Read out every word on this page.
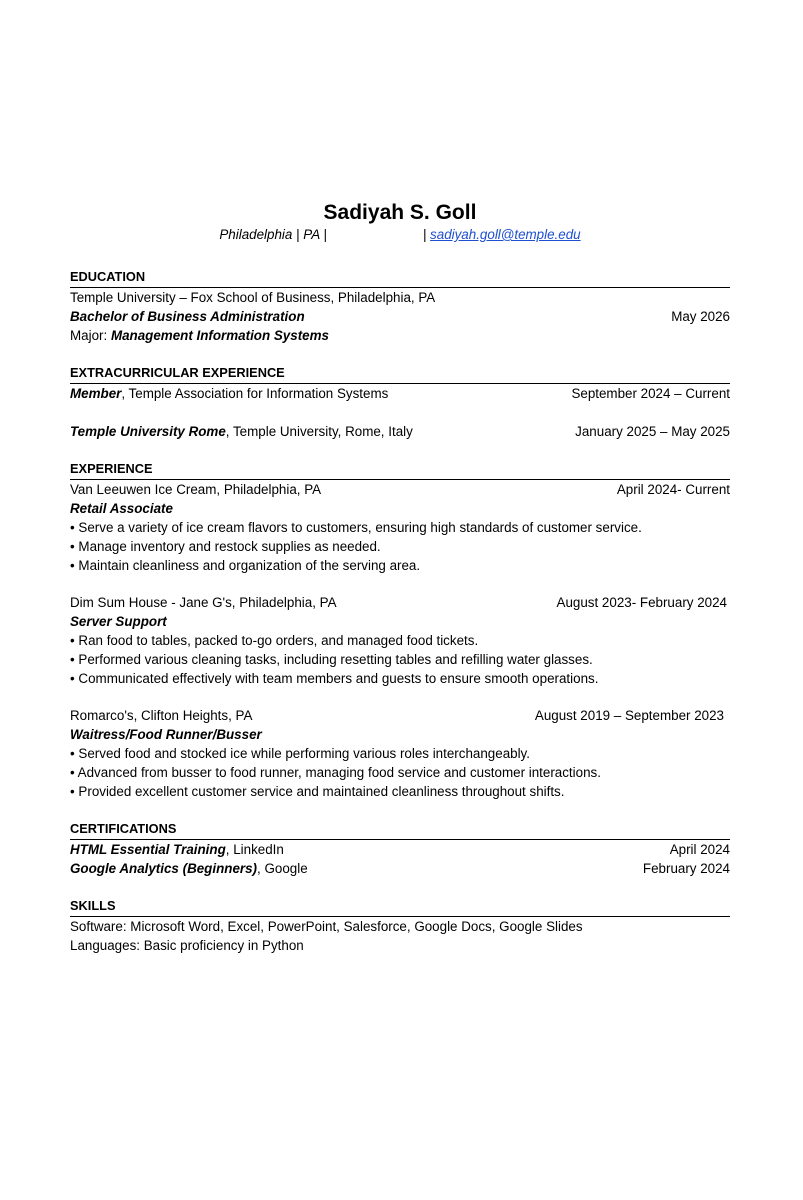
Sadiyah S. Goll

Philadelphia | PA |	| sadiyah.goll@temple.edu

EDUCATION
Temple University – Fox School of Business, Philadelphia, PA
Bachelor of Business Administration	May 2026
Major: Management Information Systems
EXTRACURRICULAR EXPERIENCE
Member, Temple Association for Information Systems	September 2024 – Current
Temple University Rome, Temple University, Rome, Italy	January 2025 – May 2025
EXPERIENCE
Van Leeuwen Ice Cream, Philadelphia, PA	April 2024- Current
Retail Associate
• Serve a variety of ice cream flavors to customers, ensuring high standards of customer service.
• Manage inventory and restock supplies as needed.
• Maintain cleanliness and organization of the serving area.
Dim Sum House - Jane G's, Philadelphia, PA	August 2023- February 2024
Server Support
• Ran food to tables, packed to-go orders, and managed food tickets.
• Performed various cleaning tasks, including resetting tables and refilling water glasses.
• Communicated effectively with team members and guests to ensure smooth operations.
Romarco's, Clifton Heights, PA	August 2019 – September 2023
Waitress/Food Runner/Busser
• Served food and stocked ice while performing various roles interchangeably.
• Advanced from busser to food runner, managing food service and customer interactions.
• Provided excellent customer service and maintained cleanliness throughout shifts.
CERTIFICATIONS
HTML Essential Training, LinkedIn	April 2024
Google Analytics (Beginners), Google	February 2024
SKILLS
Software: Microsoft Word, Excel, PowerPoint, Salesforce, Google Docs, Google Slides
Languages: Basic proficiency in Python
